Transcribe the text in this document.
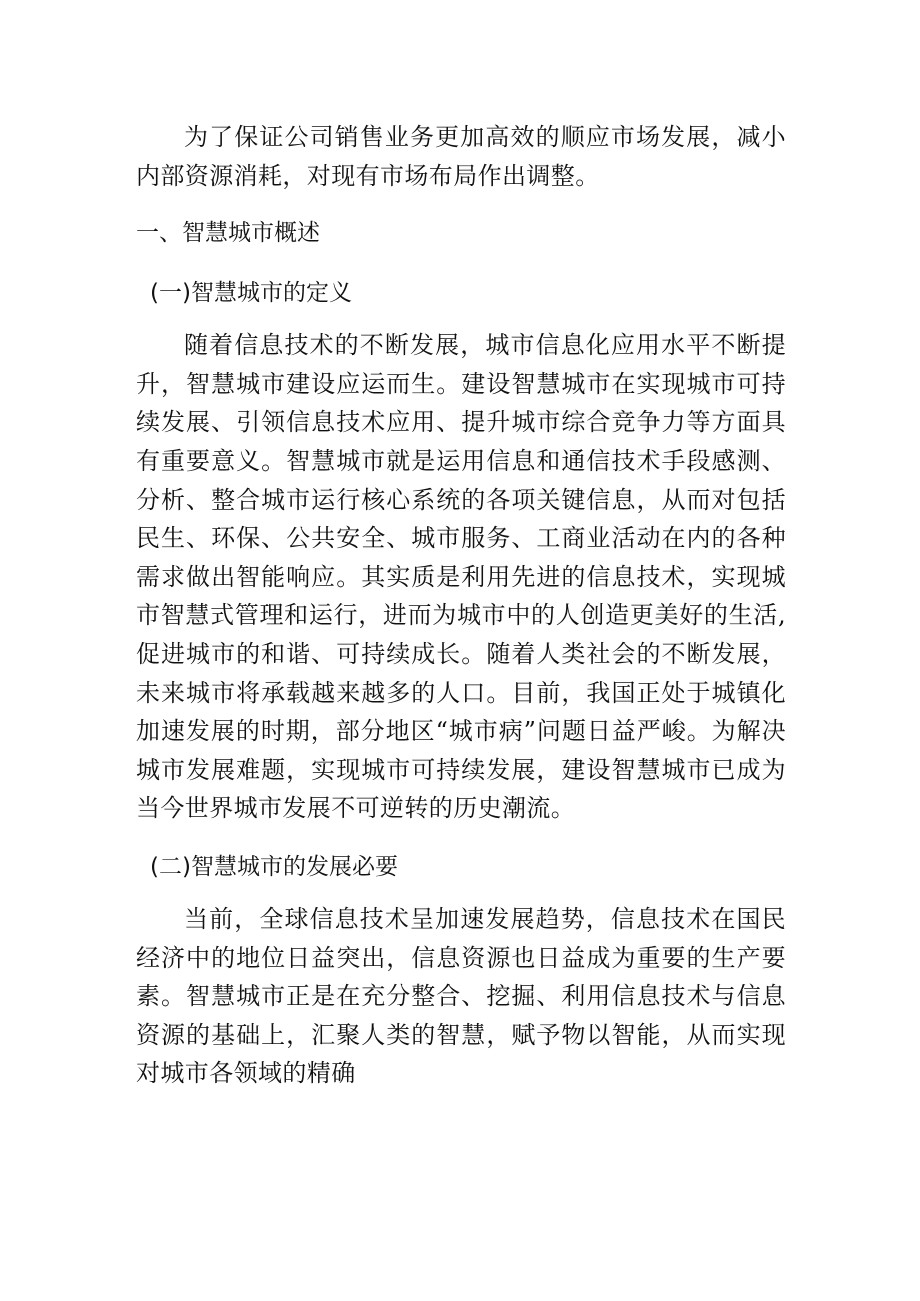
为了保证公司销售业务更加高效的顺应市场发展，减小内部资源消耗，对现有市场布局作出调整。

一、智慧城市概述
(一)智慧城市的定义

随着信息技术的不断发展，城市信息化应用水平不断提升，智慧城市建设应运而生。建设智慧城市在实现城市可持续发展、引领信息技术应用、提升城市综合竞争力等方面具有重要意义。智慧城市就是运用信息和通信技术手段感测、分析、整合城市运行核心系统的各项关键信息，从而对包括民生、环保、公共安全、城市服务、工商业活动在内的各种需求做出智能响应。其实质是利用先进的信息技术，实现城市智慧式管理和运行，进而为城市中的人创造更美好的生活,促进城市的和谐、可持续成长。随着人类社会的不断发展，未来城市将承载越来越多的人口。目前，我国正处于城镇化加速发展的时期，部分地区“城市病”问题日益严峻。为解决城市发展难题，实现城市可持续发展，建设智慧城市已成为当今世界城市发展不可逆转的历史潮流。

(二)智慧城市的发展必要

当前，全球信息技术呈加速发展趋势，信息技术在国民经济中的地位日益突出，信息资源也日益成为重要的生产要素。智慧城市正是在充分整合、挖掘、利用信息技术与信息资源的基础上，汇聚人类的智慧，赋予物以智能，从而实现对城市各领域的精确
